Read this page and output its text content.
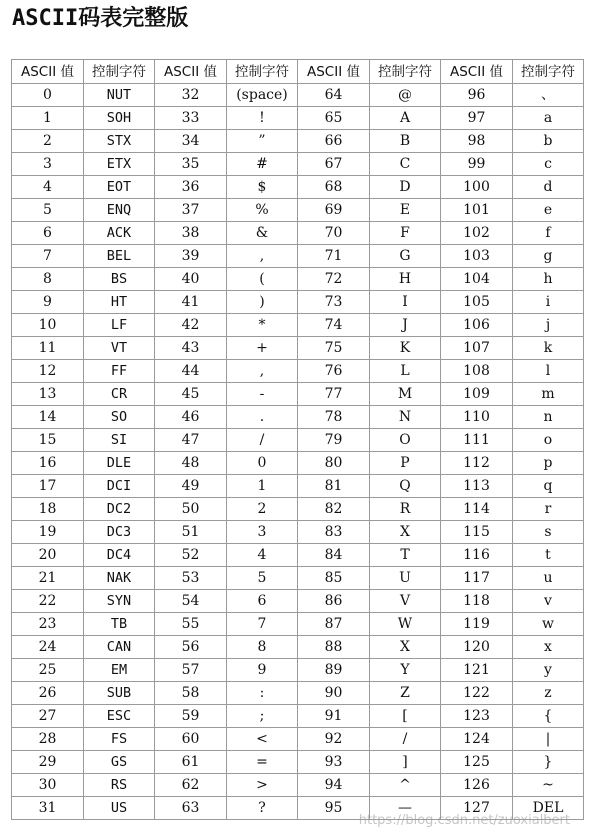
ASCII码表完整版
ASCII 值	控制字符	ASCII 值	控制字符	ASCII 值	控制字符	ASCII 值	控制字符
0	NUT	32	(space)	64	@	96	、
1	SOH	33	!	65	A	97	a
2	STX	34	”	66	B	98	b
3	ETX	35	#	67	C	99	c
4	EOT	36	$	68	D	100	d
5	ENQ	37	%	69	E	101	e
6	ACK	38	&	70	F	102	f
7	BEL	39	,	71	G	103	g
8	BS	40	(	72	H	104	h
9	HT	41	)	73	I	105	i
10	LF	42	*	74	J	106	j
11	VT	43	+	75	K	107	k
12	FF	44	,	76	L	108	l
13	CR	45	-	77	M	109	m
14	SO	46	.	78	N	110	n
15	SI	47	/	79	O	111	o
16	DLE	48	0	80	P	112	p
17	DCI	49	1	81	Q	113	q
18	DC2	50	2	82	R	114	r
19	DC3	51	3	83	X	115	s
20	DC4	52	4	84	T	116	t
21	NAK	53	5	85	U	117	u
22	SYN	54	6	86	V	118	v
23	TB	55	7	87	W	119	w
24	CAN	56	8	88	X	120	x
25	EM	57	9	89	Y	121	y
26	SUB	58	:	90	Z	122	z
27	ESC	59	;	91	[	123	{
28	FS	60	<	92	/	124	|
29	GS	61	=	93	]	125	}
30	RS	62	>	94	^	126	~
31	US	63	?	95	—	127	DEL
https://blog.csdn.net/zuoxialbert
